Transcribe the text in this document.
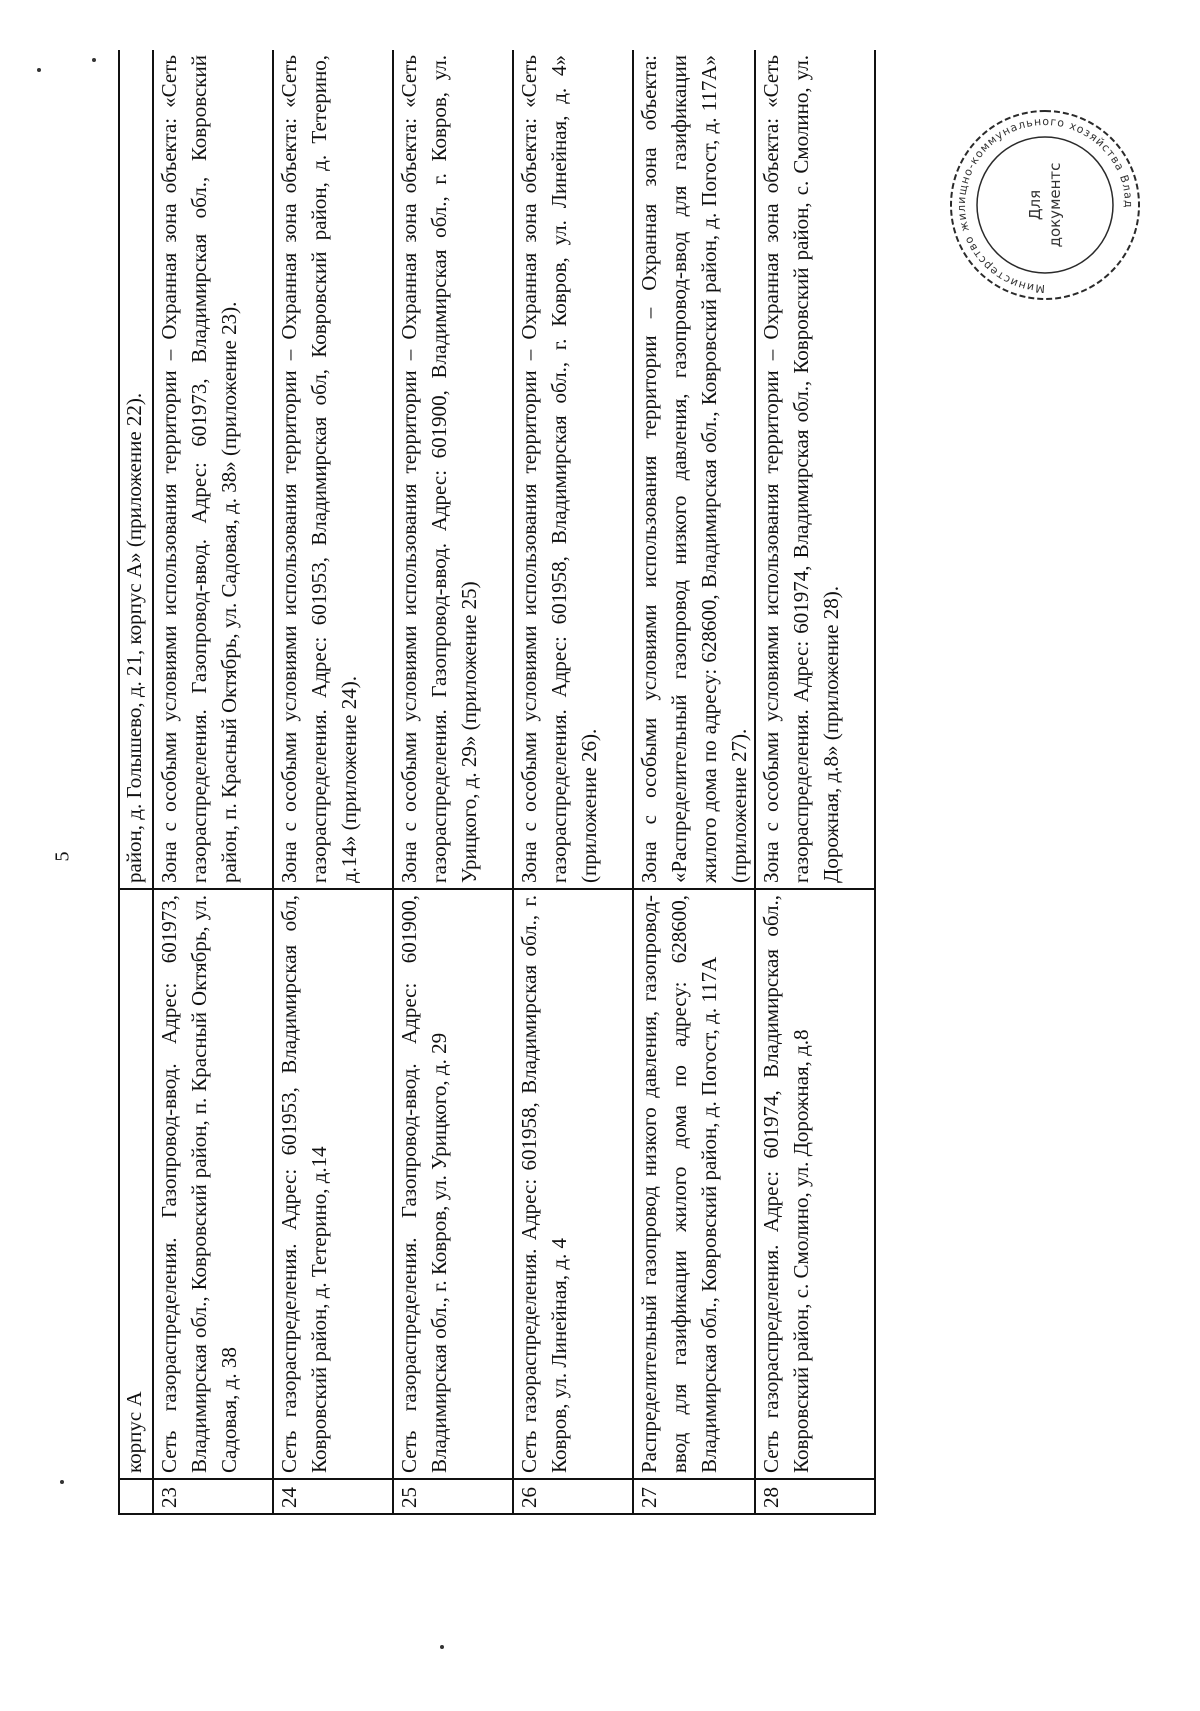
5
	корпус А	район, д. Голышево, д. 21, корпус А» (приложение 22).
23	Сеть газораспределения. Газопровод-ввод. Адрес: 601973, Владимирская обл., Ковровский район, п. Красный Октябрь, ул. Садовая, д. 38	Зона с особыми условиями использования территории – Охранная зона объекта: «Сеть газораспределения. Газопровод-ввод. Адрес: 601973, Владимирская обл., Ковровский район, п. Красный Октябрь, ул. Садовая, д. 38» (приложение 23).
24	Сеть газораспределения. Адрес: 601953, Владимирская обл, Ковровский район, д. Тетерино, д.14	Зона с особыми условиями использования территории – Охранная зона объекта: «Сеть газораспределения. Адрес: 601953, Владимирская обл, Ковровский район, д. Тетерино, д.14» (приложение 24).
25	Сеть газораспределения. Газопровод-ввод. Адрес: 601900, Владимирская обл., г. Ковров, ул. Урицкого, д. 29	Зона с особыми условиями использования территории – Охранная зона объекта: «Сеть газораспределения. Газопровод-ввод. Адрес: 601900, Владимирская обл., г. Ковров, ул. Урицкого, д. 29» (приложение 25)
26	Сеть газораспределения. Адрес: 601958, Владимирская обл., г. Ковров, ул. Линейная, д. 4	Зона с особыми условиями использования территории – Охранная зона объекта: «Сеть газораспределения. Адрес: 601958, Владимирская обл., г. Ковров, ул. Линейная, д. 4» (приложение 26).
27	Распределительный газопровод низкого давления, газопровод-ввод для газификации жилого дома по адресу: 628600, Владимирская обл., Ковровский район, д. Погост, д. 117А	Зона с особыми условиями использования территории – Охранная зона объекта: «Распределительный газопровод низкого давления, газопровод-ввод для газификации жилого дома по адресу: 628600, Владимирская обл., Ковровский район, д. Погост, д. 117А» (приложение 27).
28	Сеть газораспределения. Адрес: 601974, Владимирская обл., Ковровский район, с. Смолино, ул. Дорожная, д.8	Зона с особыми условиями использования территории – Охранная зона объекта: «Сеть газораспределения. Адрес: 601974, Владимирская обл., Ковровский район, с. Смолино, ул. Дорожная, д.8» (приложение 28).
Министерство жилищно-коммунального хозяйства Влад
Для документс
